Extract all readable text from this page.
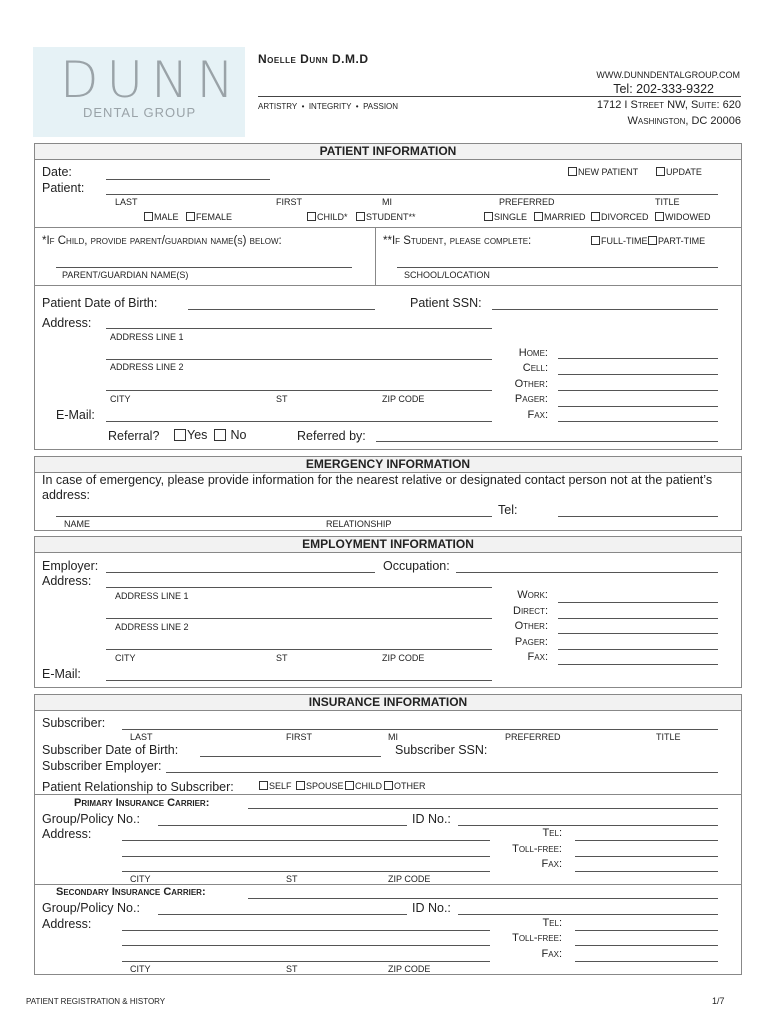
DUNN
DENTAL GROUP
Noelle Dunn D.M.D
ARTISTRY  •  INTEGRITY  •  PASSION
WWW.DUNNDENTALGROUP.COM
Tel: 202-333-9322
1712 I Street NW, Suite: 620
Washington, DC 20006
PATIENT INFORMATION
Date:	NEW PATIENT	UPDATE
Patient:
LAST	FIRST	MI	PREFERRED	TITLE
MALE	FEMALE	CHILD*	STUDENT**	SINGLE	MARRIED	DIVORCED	WIDOWED
*If Child, provide parent/guardian name(s) below:	**If Student, please complete:	FULL-TIME	PART-TIME
PARENT/GUARDIAN NAME(S)	SCHOOL/LOCATION
Patient Date of Birth:	Patient SSN:
Address:
ADDRESS LINE 1
ADDRESS LINE 2
CITY	ST	ZIP CODE
Home:
Cell:
Other:
Pager:
Fax:
E-Mail:
Referral?	Yes	No	Referred by:
EMERGENCY INFORMATION
In case of emergency, please provide information for the nearest relative or designated contact person not at the patient’s address:
Tel:
NAME	RELATIONSHIP
EMPLOYMENT INFORMATION
Employer:	Occupation:
Address:
ADDRESS LINE 1
ADDRESS LINE 2
CITY	ST	ZIP CODE
Work:
Direct:
Other:
Pager:
Fax:
E-Mail:
INSURANCE INFORMATION
Subscriber:
LAST	FIRST	MI	PREFERRED	TITLE
Subscriber Date of Birth:	Subscriber SSN:
Subscriber Employer:
Patient Relationship to Subscriber:	SELF	SPOUSE	CHILD	OTHER
Primary Insurance Carrier:
Group/Policy No.:	ID No.:
Address:
CITY	ST	ZIP CODE
Tel:
Toll-free:
Fax:
Secondary Insurance Carrier:
Group/Policy No.:	ID No.:
Address:
CITY	ST	ZIP CODE
Tel:
Toll-free:
Fax:
PATIENT REGISTRATION & HISTORY	1/7
